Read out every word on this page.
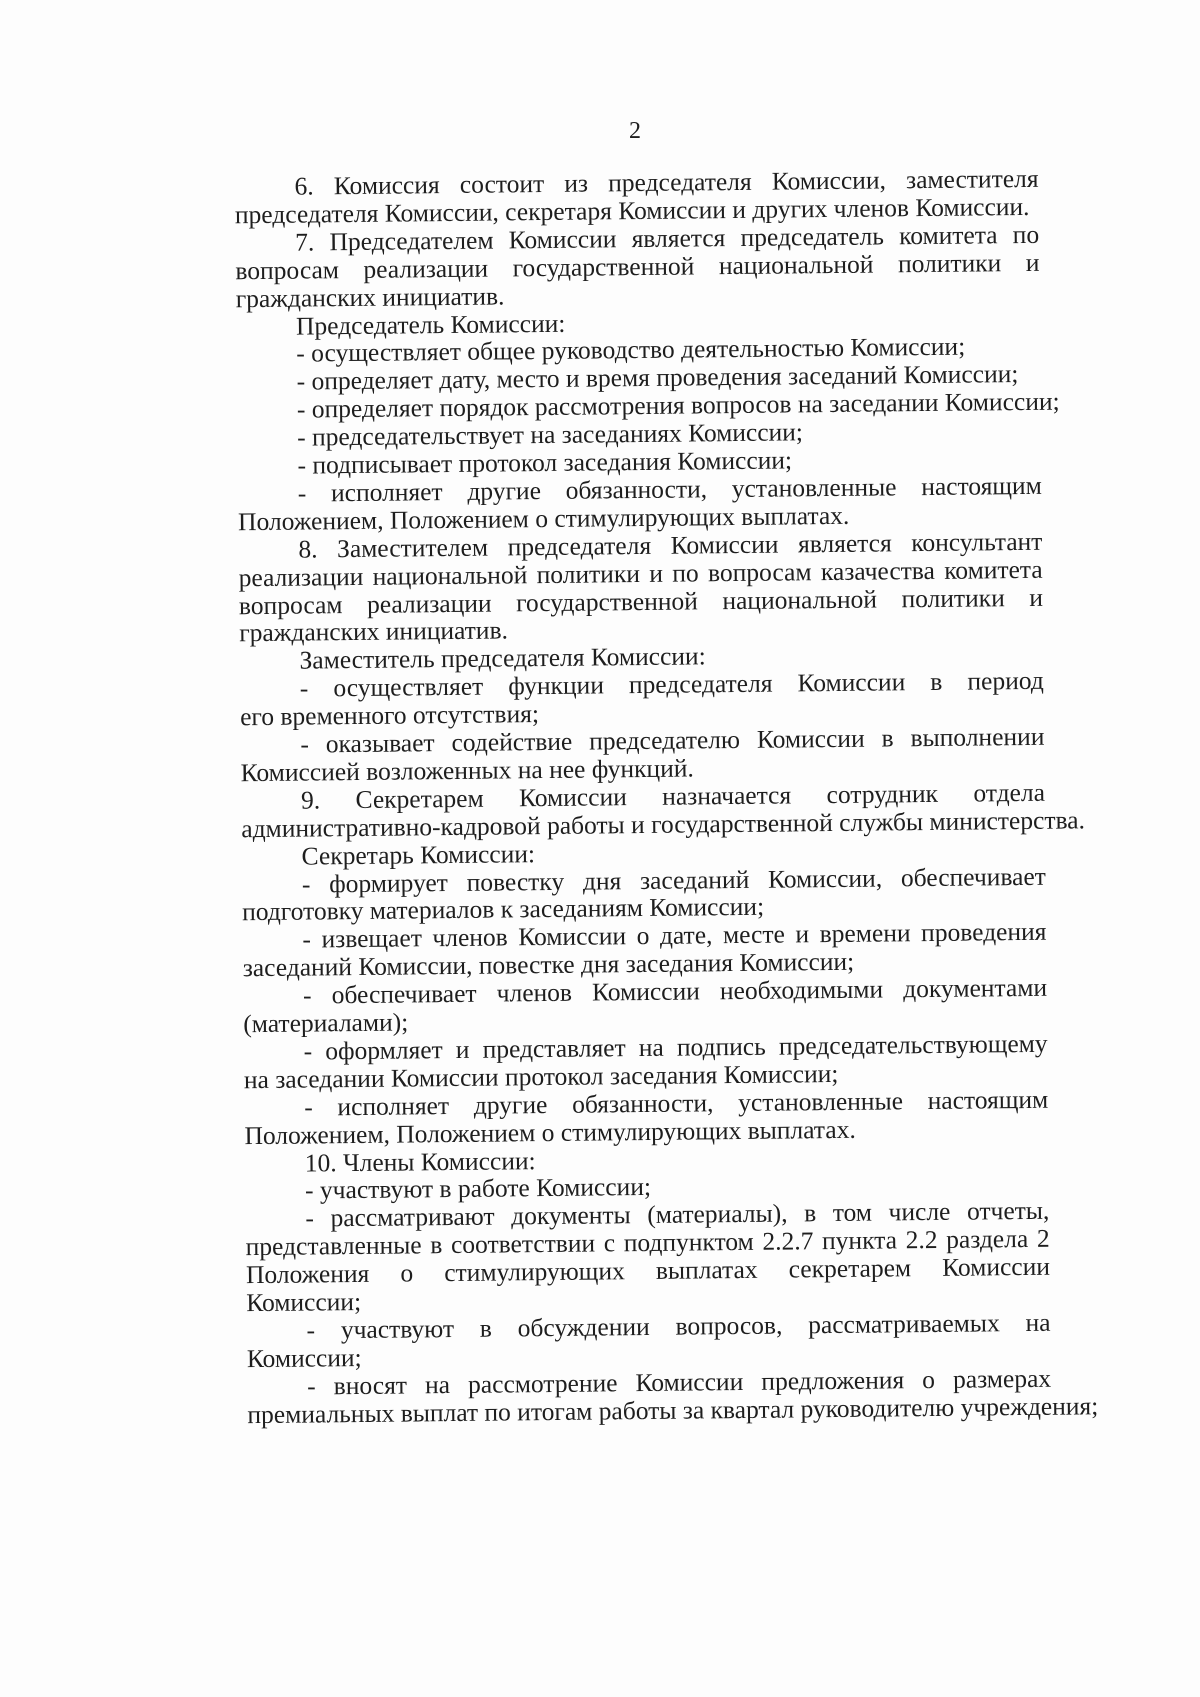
2
6. Комиссия состоит из председателя Комиссии, заместителя
председателя Комиссии, секретаря Комиссии и других членов Комиссии.
7. Председателем Комиссии является председатель комитета по
вопросам реализации государственной национальной политики и
гражданских инициатив.
Председатель Комиссии:
- осуществляет общее руководство деятельностью Комиссии;
- определяет дату, место и время проведения заседаний Комиссии;
- определяет порядок рассмотрения вопросов на заседании Комиссии;
- председательствует на заседаниях Комиссии;
- подписывает протокол заседания Комиссии;
- исполняет другие обязанности, установленные настоящим
Положением, Положением о стимулирующих выплатах.
8. Заместителем председателя Комиссии является консультант
реализации национальной политики и по вопросам казачества комитета
вопросам реализации государственной национальной политики и
гражданских инициатив.
Заместитель председателя Комиссии:
- осуществляет функции председателя Комиссии в период
его временного отсутствия;
- оказывает содействие председателю Комиссии в выполнении
Комиссией возложенных на нее функций.
9. Секретарем Комиссии назначается сотрудник отдела
административно-кадровой работы и государственной службы министерства.
Секретарь Комиссии:
- формирует повестку дня заседаний Комиссии, обеспечивает
подготовку материалов к заседаниям Комиссии;
- извещает членов Комиссии о дате, месте и времени проведения
заседаний Комиссии, повестке дня заседания Комиссии;
- обеспечивает членов Комиссии необходимыми документами
(материалами);
- оформляет и представляет на подпись председательствующему
на заседании Комиссии протокол заседания Комиссии;
- исполняет другие обязанности, установленные настоящим
Положением, Положением о стимулирующих выплатах.
10. Члены Комиссии:
- участвуют в работе Комиссии;
- рассматривают документы (материалы), в том числе отчеты,
представленные в соответствии с подпунктом 2.2.7 пункта 2.2 раздела 2
Положения о стимулирующих выплатах секретарем Комиссии
Комиссии;
- участвуют в обсуждении вопросов, рассматриваемых на
Комиссии;
- вносят на рассмотрение Комиссии предложения о размерах
премиальных выплат по итогам работы за квартал руководителю учреждения;
